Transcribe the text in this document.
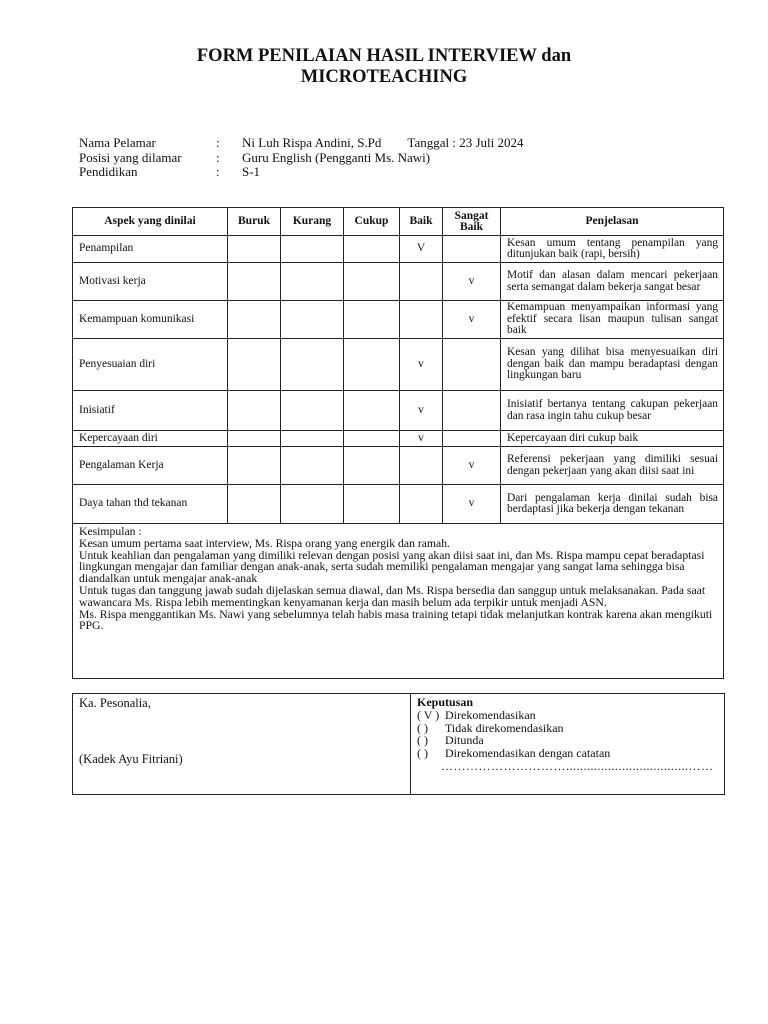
FORM PENILAIAN HASIL INTERVIEW dan
MICROTEACHING
Nama Pelamar	:	Ni Luh Rispa Andini, S.Pd Tanggal : 23 Juli 2024
Posisi yang dilamar	:	Guru English (Pengganti Ms. Nawi)
Pendidikan	:	S-1
Aspek yang dinilai	Buruk	Kurang	Cukup	Baik	Sangat Baik	Penjelasan
Penampilan				V		Kesan umum tentang penampilan yang ditunjukan baik (rapi, bersih)
Motivasi kerja					v	Motif dan alasan dalam mencari pekerjaan serta semangat dalam bekerja sangat besar
Kemampuan komunikasi					v	Kemampuan menyampaikan informasi yang efektif secara lisan maupun tulisan sangat baik
Penyesuaian diri				v		Kesan yang dilihat bisa menyesuaikan diri dengan baik dan mampu beradaptasi dengan lingkungan baru
Inisiatif				v		Inisiatif bertanya tentang cakupan pekerjaan dan rasa ingin tahu cukup besar
Kepercayaan diri				v		Kepercayaan diri cukup baik
Pengalaman Kerja					v	Referensi pekerjaan yang dimiliki sesuai dengan pekerjaan yang akan diisi saat ini
Daya tahan thd tekanan					v	Dari pengalaman kerja dinilai sudah bisa berdaptasi jika bekerja dengan tekanan

Kesimpulan :
Kesan umum pertama saat interview, Ms. Rispa orang yang energik dan ramah.
Untuk keahlian dan pengalaman yang dimiliki relevan dengan posisi yang akan diisi saat ini, dan Ms. Rispa mampu cepat beradaptasi lingkungan mengajar dan familiar dengan anak-anak, serta sudah memiliki pengalaman mengajar yang sangat lama sehingga bisa diandalkan untuk mengajar anak-anak
Untuk tugas dan tanggung jawab sudah dijelaskan semua diawal, dan Ms. Rispa bersedia dan sanggup untuk melaksanakan. Pada saat wawancara Ms. Rispa lebih mementingkan kenyamanan kerja dan masih belum ada terpikir untuk menjadi ASN.
Ms. Rispa menggantikan Ms. Nawi yang sebelumnya telah habis masa training tetapi tidak melanjutkan kontrak karena akan mengikuti PPG.						
Ka. Pesonalia,
(Kadek Ayu Fitriani)
Keputusan
( V ) Direkomendasikan
( )	Tidak direkomendasikan
( )	Ditunda
( )	Direkomendasikan dengan catatan
…………………………...................................……
